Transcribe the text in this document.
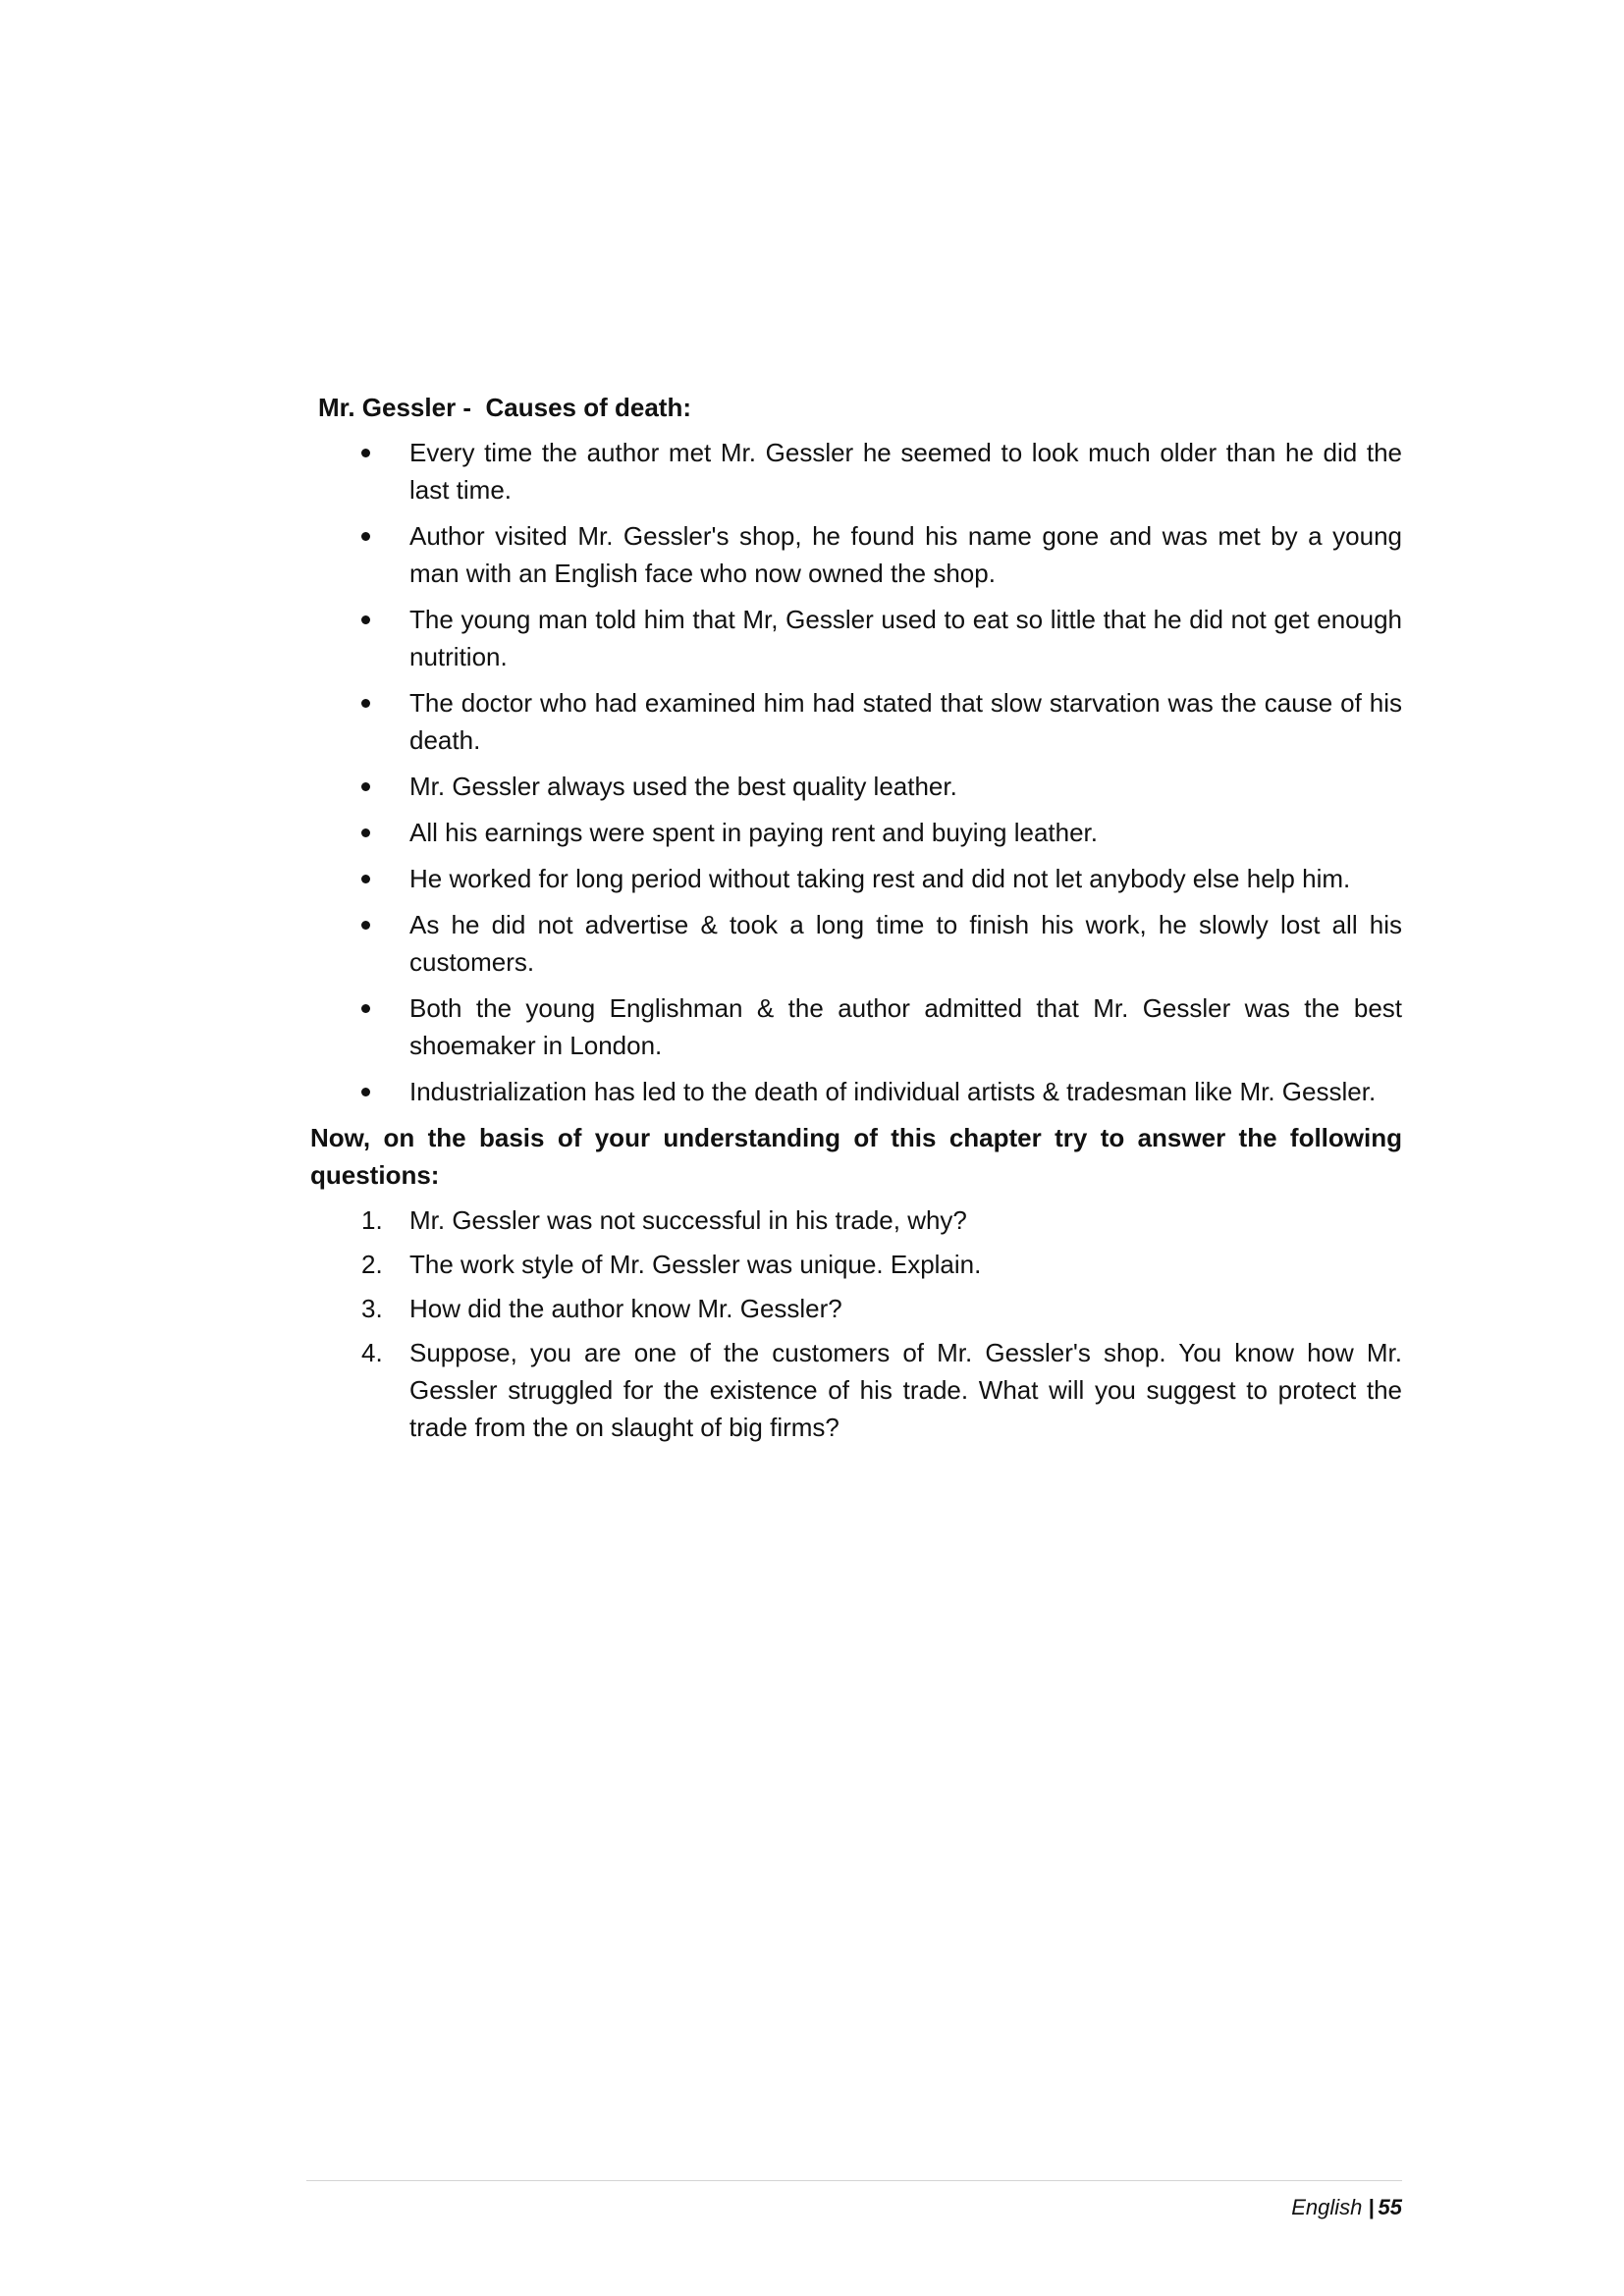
Mr. Gessler -  Causes of death:
Every time the author met Mr. Gessler he seemed to look much older than he did the last time.
Author visited Mr. Gessler's shop, he found his name gone and was met by a young man with an English face who now owned the shop.
The young man told him that Mr, Gessler used to eat so little that he did not get enough nutrition.
The doctor who had examined him had stated that slow starvation was the cause of his death.
Mr. Gessler always used the best quality leather.
All his earnings were spent in paying rent and buying leather.
He worked for long period without taking rest and did not let anybody else help him.
As he did not advertise & took a long time to finish his work, he slowly lost all his customers.
Both the young Englishman & the author admitted that Mr. Gessler was the best shoemaker in London.
Industrialization has led to the death of individual artists & tradesman like Mr. Gessler.
Now, on the basis of your understanding of this chapter try to answer the following questions:
1. Mr. Gessler was not successful in his trade, why?
2. The work style of Mr. Gessler was unique. Explain.
3. How did the author know Mr. Gessler?
4. Suppose, you are one of the customers of Mr. Gessler's shop. You know how Mr. Gessler struggled for the existence of his trade. What will you suggest to protect the trade from the on slaught of big firms?
English | 55
